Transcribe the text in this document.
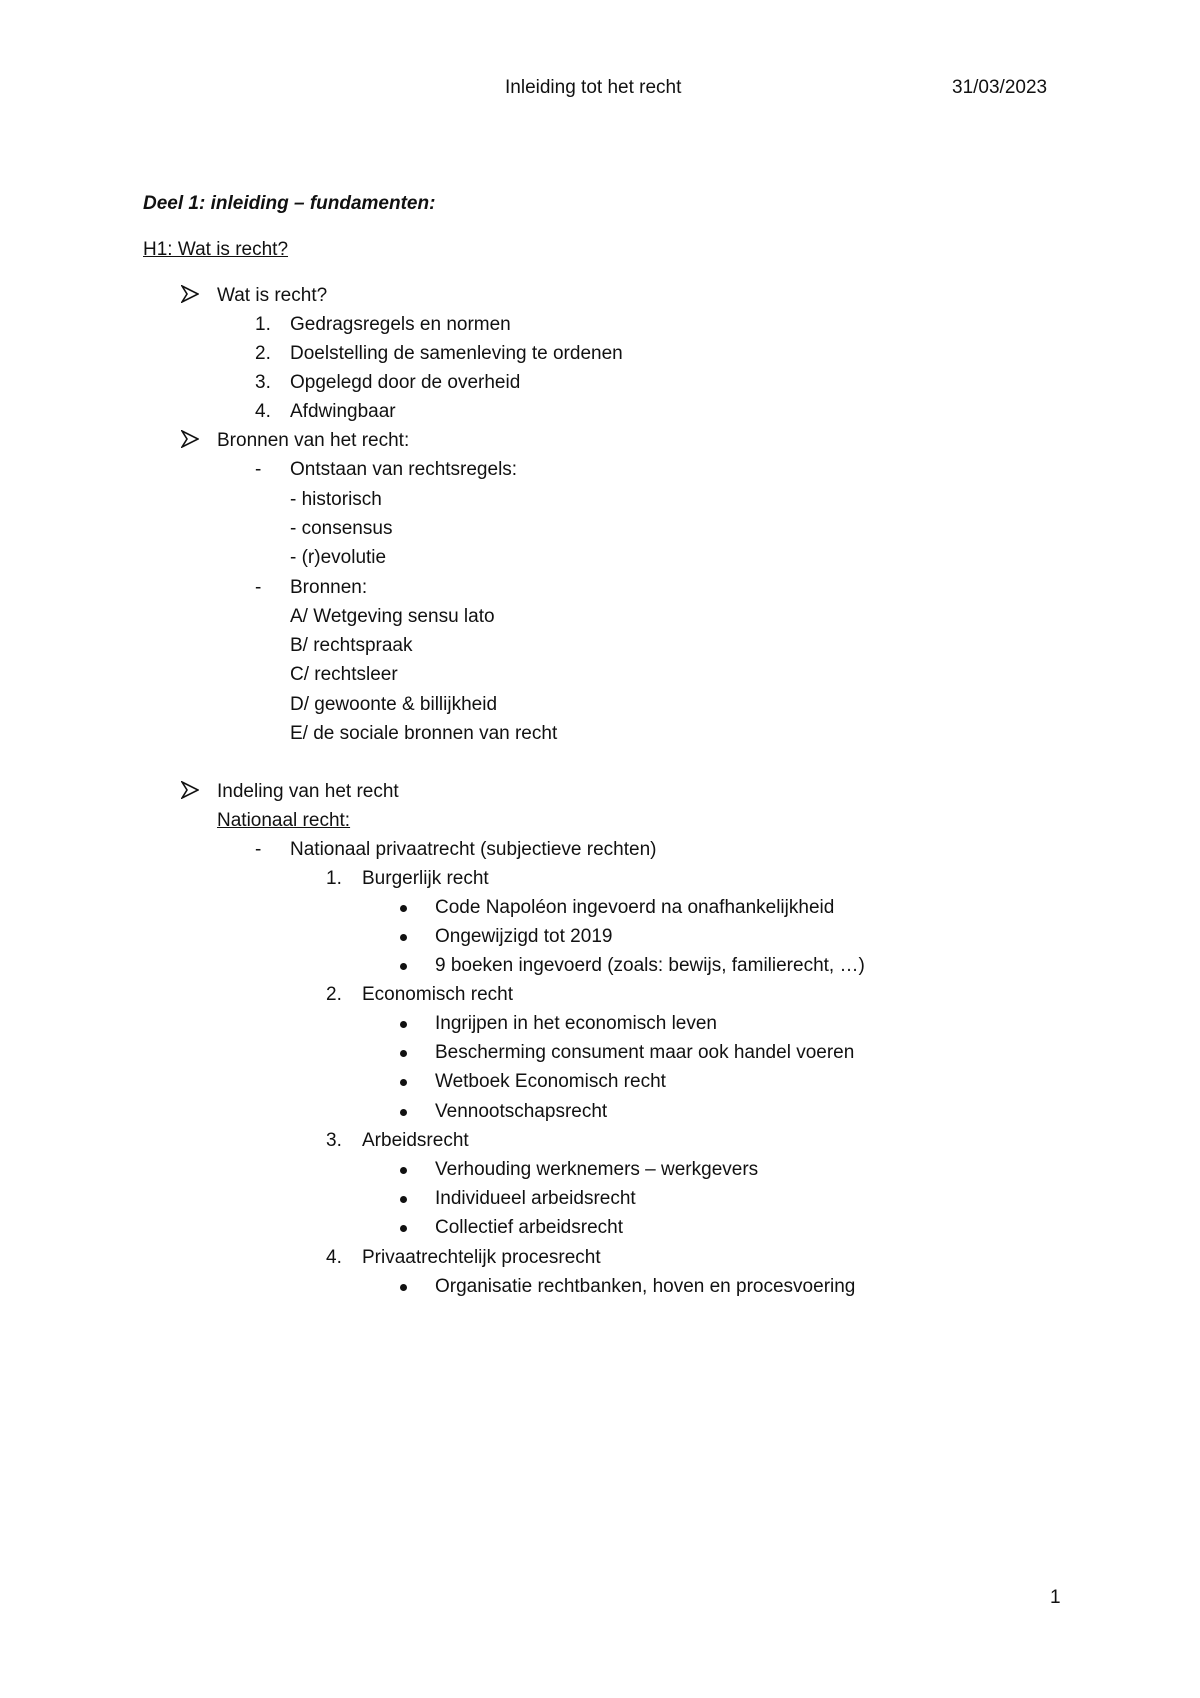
Inleiding tot het recht	31/03/2023
Deel 1: inleiding – fundamenten:
H1: Wat is recht?
Wat is recht?
1. Gedragsregels en normen
2. Doelstelling de samenleving te ordenen
3. Opgelegd door de overheid
4. Afdwingbaar
Bronnen van het recht:
- Ontstaan van rechtsregels:
- historisch
- consensus
- (r)evolutie
- Bronnen:
A/ Wetgeving sensu lato
B/ rechtspraak
C/ rechtsleer
D/ gewoonte & billijkheid
E/ de sociale bronnen van recht
Indeling van het recht
Nationaal recht:
- Nationaal privaatrecht (subjectieve rechten)
1. Burgerlijk recht
Code Napoléon ingevoerd na onafhankelijkheid
Ongewijzigd tot 2019
9 boeken ingevoerd (zoals: bewijs, familierecht, …)
2. Economisch recht
Ingrijpen in het economisch leven
Bescherming consument maar ook handel voeren
Wetboek Economisch recht
Vennootschapsrecht
3. Arbeidsrecht
Verhouding werknemers – werkgevers
Individueel arbeidsrecht
Collectief arbeidsrecht
4. Privaatrechtelijk procesrecht
Organisatie rechtbanken, hoven en procesvoering
1
